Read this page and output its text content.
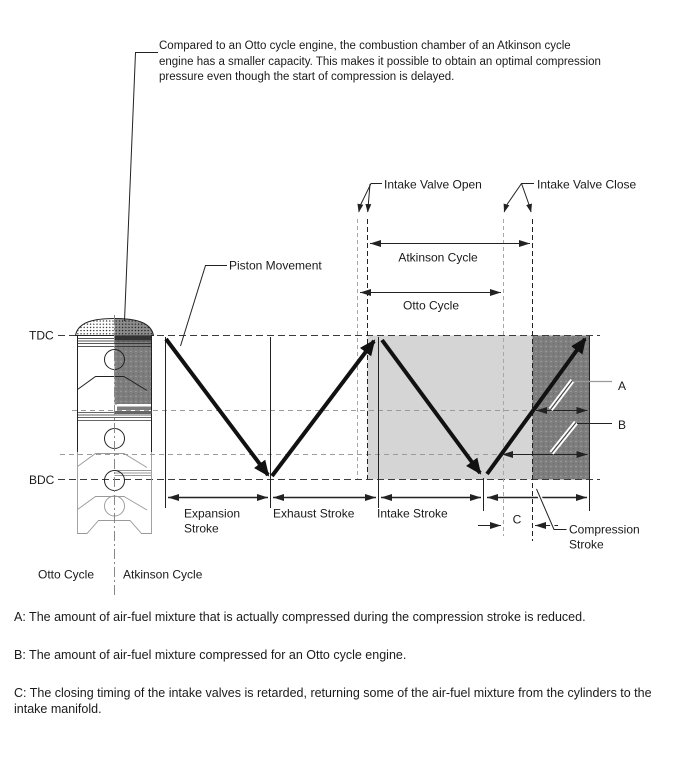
TDC
BDC
Piston Movement
Intake Valve Open	Intake Valve Close
Atkinson Cycle
Otto Cycle
Expansion
Stroke
Exhaust Stroke Intake Stroke	C
Compression
Stroke
A
B
Otto Cycle Atkinson Cycle
Compared to an Otto cycle engine, the combustion chamber of an Atkinson cycle engine has a smaller capacity. This makes it possible to obtain an optimal compression pressure even though the start of compression is delayed.
A: The amount of air-fuel mixture that is actually compressed during the compression stroke is reduced.
B: The amount of air-fuel mixture compressed for an Otto cycle engine.
C: The closing timing of the intake valves is retarded, returning some of the air-fuel mixture from the cylinders to the intake manifold.
